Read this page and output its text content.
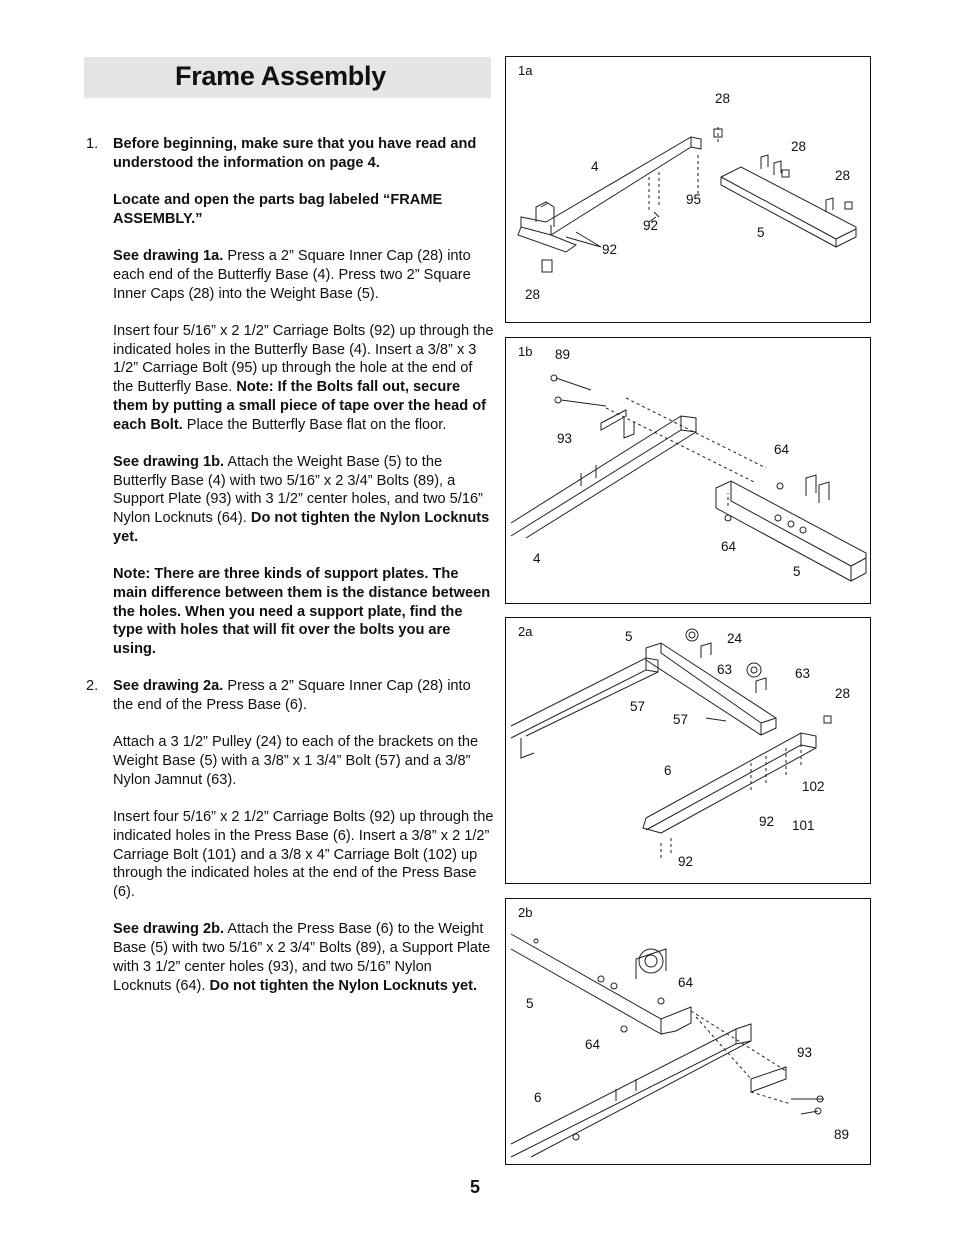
Frame Assembly
1. Before beginning, make sure that you have read and understood the information on page 4.

Locate and open the parts bag labeled “FRAME ASSEMBLY.”

See drawing 1a. Press a 2” Square Inner Cap (28) into each end of the Butterfly Base (4). Press two 2” Square Inner Caps (28) into the Weight Base (5).

Insert four 5/16” x 2 1/2” Carriage Bolts (92) up through the indicated holes in the Butterfly Base (4). Insert a 3/8” x 3 1/2” Carriage Bolt (95) up through the hole at the end of the Butterfly Base. Note: If the Bolts fall out, secure them by putting a small piece of tape over the head of each Bolt. Place the Butterfly Base flat on the floor.

See drawing 1b. Attach the Weight Base (5) to the Butterfly Base (4) with two 5/16” x 2 3/4” Bolts (89), a Support Plate (93) with 3 1/2” center holes, and two 5/16” Nylon Locknuts (64). Do not tighten the Nylon Locknuts yet.

Note: There are three kinds of support plates. The main difference between them is the distance between the holes. When you need a support plate, find the type with holes that will fit over the bolts you are using.

2. See drawing 2a. Press a 2” Square Inner Cap (28) into the end of the Press Base (6).

Attach a 3 1/2” Pulley (24) to each of the brackets on the Weight Base (5) with a 3/8” x 1 3/4” Bolt (57) and a 3/8” Nylon Jamnut (63).

Insert four 5/16” x 2 1/2” Carriage Bolts (92) up through the indicated holes in the Press Base (6). Insert a 3/8” x 2 1/2” Carriage Bolt (101) and a 3/8 x 4” Carriage Bolt (102) up through the indicated holes at the end of the Press Base (6).

See drawing 2b. Attach the Press Base (6) to the Weight Base (5) with two 5/16” x 2 3/4” Bolts (89), a Support Plate with 3 1/2” center holes (93), and two 5/16” Nylon Locknuts (64). Do not tighten the Nylon Locknuts yet.

1a
28
28
28
4
95
92	5
92
28
1b 89
93
64
64
4
5
2a	5	24
63	63
28
57
57
6
102
92 101
92
2b
64
5
64
93
6
89
5
